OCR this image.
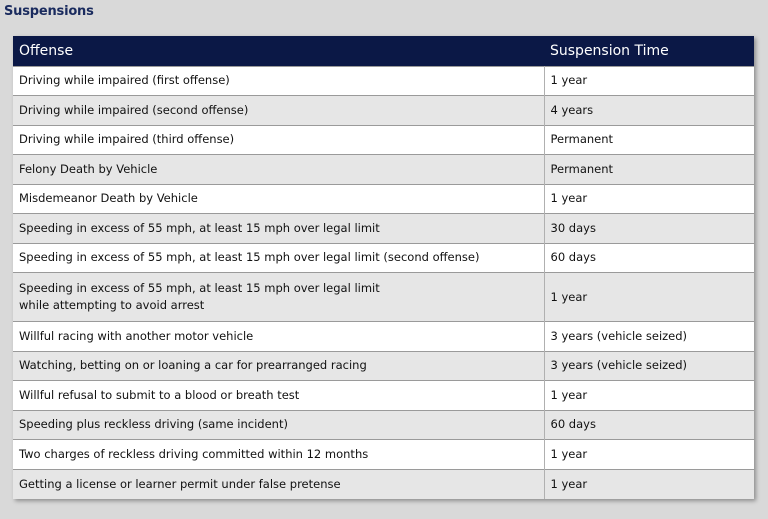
Suspensions
Offense	Suspension Time
Driving while impaired (first offense)	1 year
Driving while impaired (second offense)	4 years
Driving while impaired (third offense)	Permanent
Felony Death by Vehicle	Permanent
Misdemeanor Death by Vehicle	1 year
Speeding in excess of 55 mph, at least 15 mph over legal limit	30 days
Speeding in excess of 55 mph, at least 15 mph over legal limit (second offense)	60 days

Speeding in excess of 55 mph, at least 15 mph over legal limit
while attempting to avoid arrest	1 year
Willful racing with another motor vehicle	3 years (vehicle seized)
Watching, betting on or loaning a car for prearranged racing	3 years (vehicle seized)
Willful refusal to submit to a blood or breath test	1 year
Speeding plus reckless driving (same incident)	60 days
Two charges of reckless driving committed within 12 months	1 year
Getting a license or learner permit under false pretense	1 year
